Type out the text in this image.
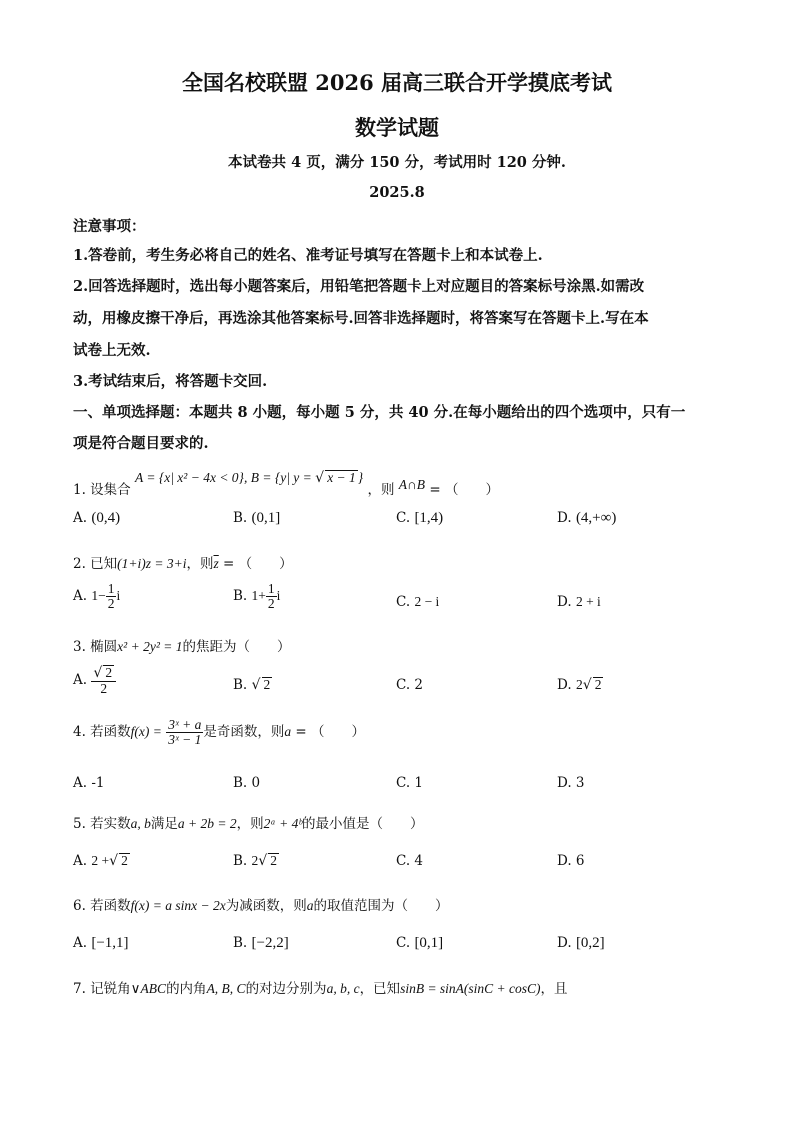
全国名校联盟 2026 届高三联合开学摸底考试
数学试题
本试卷共 4 页，满分 150 分，考试用时 120 分钟.
2025.8
注意事项：
1.答卷前，考生务必将自己的姓名、准考证号填写在答题卡上和本试卷上.
2.回答选择题时，选出每小题答案后，用铅笔把答题卡上对应题目的答案标号涂黑.如需改
动，用橡皮擦干净后，再选涂其他答案标号.回答非选择题时，将答案写在答题卡上.写在本
试卷上无效.
3.考试结束后，将答题卡交回.
一、单项选择题：本题共 8 小题，每小题 5 分，共 40 分.在每小题给出的四个选项中，只有一
项是符合题目要求的.
1. 设集合 A = {x| x² − 4x < 0}, B = {y| y = √ x − 1 } ，则 A∩B = （　　）
A. (0,4)	B. (0,1]	C. [1,4)	D. (4,+∞)
2. 已知(1+i)z = 3+i，则$\overline{z}$ = （　　）
A. $1- \frac{1}{2}$ i	B. $1+ \frac{1}{2}$ i	C. 2 − i	D. 2 + i
3. 椭圆x² + 2y² = 1的焦距为（　　）
A. $\frac{√ 2}{2}$	B. √ 2	C. 2	D. 2√ 2
4. 若函数$f(x) = \frac{\text{3ˣ + a}}{\text{3ˣ − 1}}$ 是奇函数，则a = （　　）
A. -1	B. 0	C. 1	D. 3
5. 若实数a, b满足a + 2b = 2，则2ᵃ + 4ᵇ的最小值是（　　）
A. 2 +√ 2	B. 2√ 2	C. 4	D. 6
6. 若函数f(x) = a sinx − 2x为减函数，则a的取值范围为（　　）
A. [−1,1]	B. [−2,2]	C. [0,1]	D. [0,2]
7. 记锐角∨ABC的内角A, B, C的对边分别为a, b, c，已知sinB = sinA(sinC + cosC)，且
